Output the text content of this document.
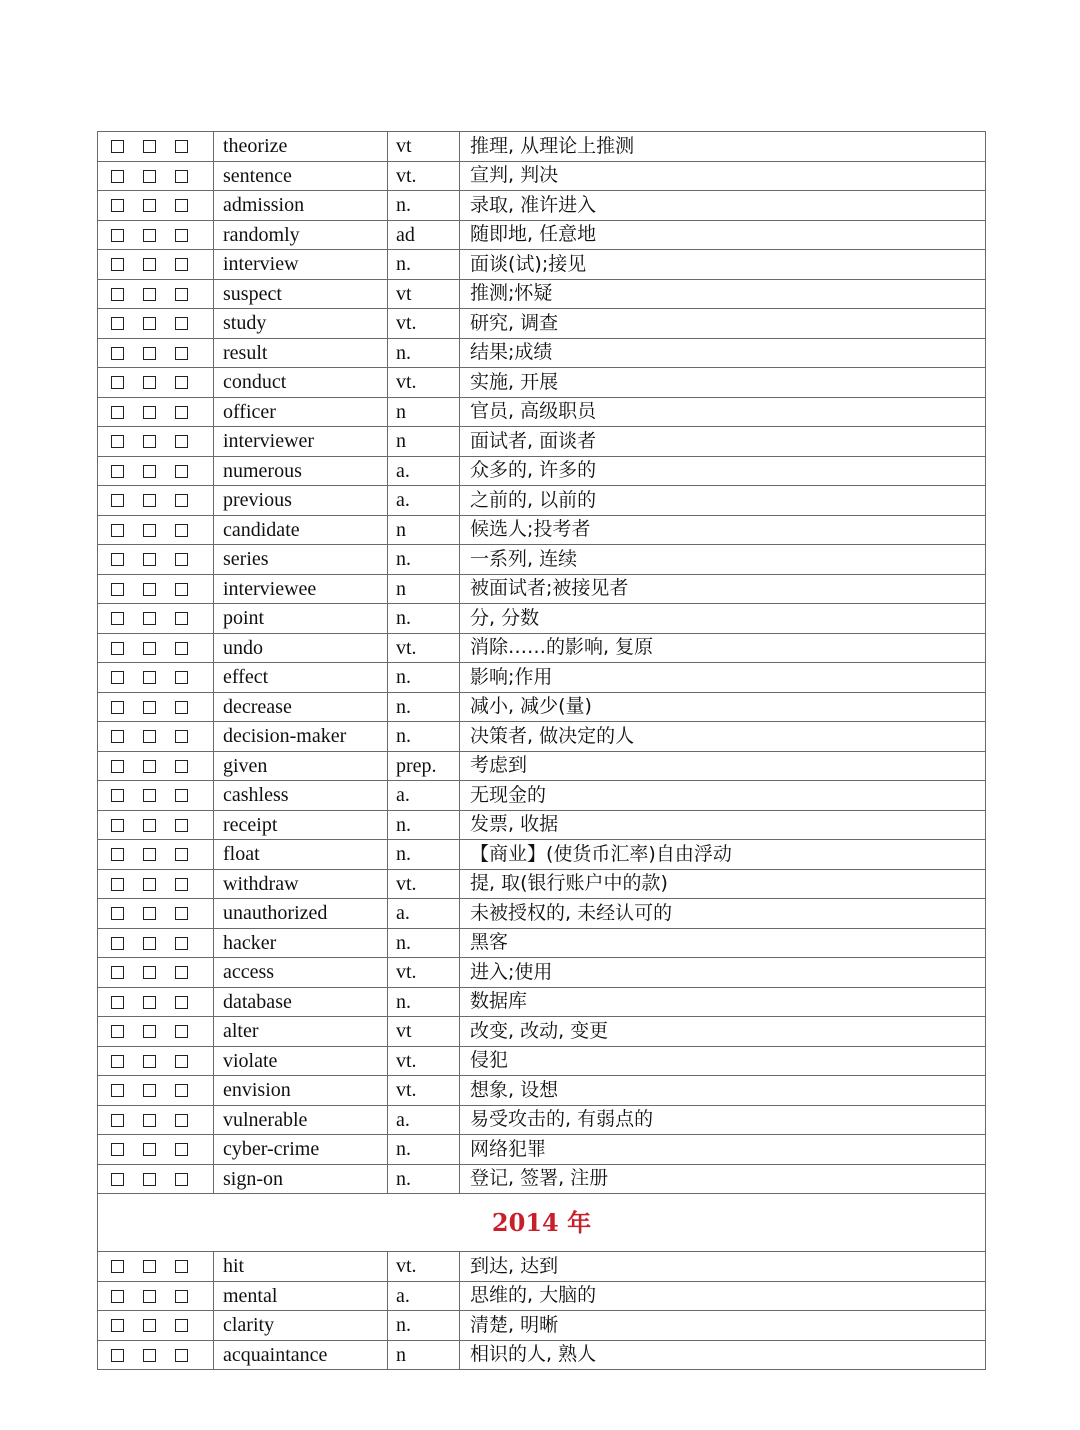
	theorize	vt	推理, 从理论上推测
	sentence	vt.	宣判, 判决
	admission	n.	录取, 准许进入
	randomly	ad	随即地, 任意地
	interview	n.	面谈(试);接见
	suspect	vt	推测;怀疑
	study	vt.	研究, 调查
	result	n.	结果;成绩
	conduct	vt.	实施, 开展
	officer	n	官员, 高级职员
	interviewer	n	面试者, 面谈者
	numerous	a.	众多的, 许多的
	previous	a.	之前的, 以前的
	candidate	n	候选人;投考者
	series	n.	一系列, 连续
	interviewee	n	被面试者;被接见者
	point	n.	分, 分数
	undo	vt.	消除……的影响, 复原
	effect	n.	影响;作用
	decrease	n.	减小, 减少(量)
	decision-maker	n.	决策者, 做决定的人
	given	prep.	考虑到
	cashless	a.	无现金的
	receipt	n.	发票, 收据
	float	n.	【商业】(使货币汇率)自由浮动
	withdraw	vt.	提, 取(银行账户中的款)
	unauthorized	a.	未被授权的, 未经认可的
	hacker	n.	黑客
	access	vt.	进入;使用
	database	n.	数据库
	alter	vt	改变, 改动, 变更
	violate	vt.	侵犯
	envision	vt.	想象, 设想
	vulnerable	a.	易受攻击的, 有弱点的
	cyber-crime	n.	网络犯罪
	sign-on	n.	登记, 签署, 注册
2014 年			
	hit	vt.	到达, 达到
	mental	a.	思维的, 大脑的
	clarity	n.	清楚, 明晰
	acquaintance	n	相识的人, 熟人
